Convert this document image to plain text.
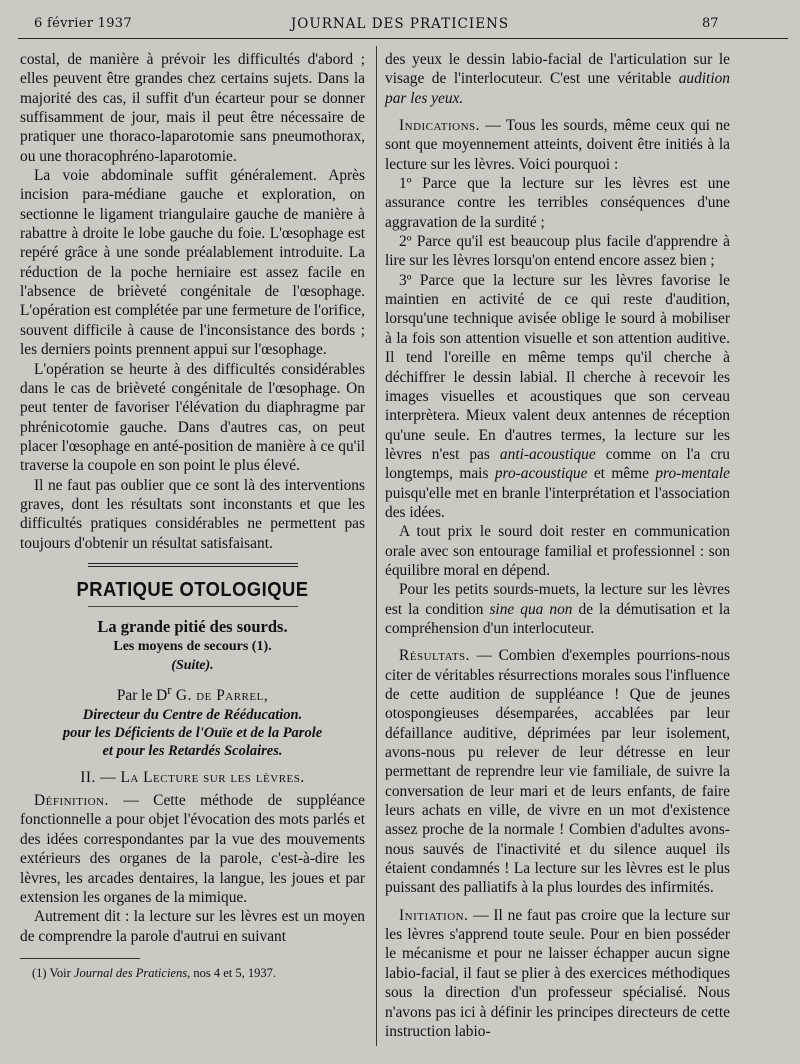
6 février 1937	JOURNAL DES PRATICIENS	87

costal, de manière à prévoir les difficultés d'abord ; elles peuvent être grandes chez certains sujets. Dans la majorité des cas, il suffit d'un écarteur pour se donner suffisamment de jour, mais il peut être nécessaire de pratiquer une thoraco-laparotomie sans pneumothorax, ou une thoracophréno-laparotomie.

La voie abdominale suffit généralement. Après incision para-médiane gauche et exploration, on sectionne le ligament triangulaire gauche de manière à rabattre à droite le lobe gauche du foie. L'œsophage est repéré grâce à une sonde préalablement introduite. La réduction de la poche herniaire est assez facile en l'absence de brièveté congénitale de l'œsophage. L'opération est complétée par une fermeture de l'orifice, souvent difficile à cause de l'inconsistance des bords ; les derniers points prennent appui sur l'œsophage.

L'opération se heurte à des difficultés considérables dans le cas de brièveté congénitale de l'œsophage. On peut tenter de favoriser l'élévation du diaphragme par phrénicotomie gauche. Dans d'autres cas, on peut placer l'œsophage en anté-position de manière à ce qu'il traverse la coupole en son point le plus élevé.

Il ne faut pas oublier que ce sont là des interventions graves, dont les résultats sont inconstants et que les difficultés pratiques considérables ne permettent pas toujours d'obtenir un résultat satisfaisant.

PRATIQUE OTOLOGIQUE
La grande pitié des sourds.
Les moyens de secours (1).
(Suite).
Par le $D^r$ G. de Parrel,
Directeur du Centre de Rééducation.
pour les Déficients de l'Ouïe et de la Parole
et pour les Retardés Scolaires.
II. — La Lecture sur les lèvres.

Définition. — Cette méthode de suppléance fonctionnelle a pour objet l'évocation des mots parlés et des idées correspondantes par la vue des mouvements extérieurs des organes de la parole, c'est-à-dire les lèvres, les arcades dentaires, la langue, les joues et par extension les organes de la mimique.

Autrement dit : la lecture sur les lèvres est un moyen de comprendre la parole d'autrui en suivant

(1) Voir Journal des Praticiens, nos 4 et 5, 1937.

des yeux le dessin labio-facial de l'articulation sur le visage de l'interlocuteur. C'est une véritable audition par les yeux.

Indications. — Tous les sourds, même ceux qui ne sont que moyennement atteints, doivent être initiés à la lecture sur les lèvres. Voici pourquoi :

1º Parce que la lecture sur les lèvres est une assurance contre les terribles conséquences d'une aggravation de la surdité ;

2º Parce qu'il est beaucoup plus facile d'apprendre à lire sur les lèvres lorsqu'on entend encore assez bien ;

3º Parce que la lecture sur les lèvres favorise le maintien en activité de ce qui reste d'audition, lorsqu'une technique avisée oblige le sourd à mobiliser à la fois son attention visuelle et son attention auditive. Il tend l'oreille en même temps qu'il cherche à déchiffrer le dessin labial. Il cherche à recevoir les images visuelles et acoustiques que son cerveau interprètera. Mieux valent deux antennes de réception qu'une seule. En d'autres termes, la lecture sur les lèvres n'est pas anti-acoustique comme on l'a cru longtemps, mais pro-acoustique et même pro-mentale puisqu'elle met en branle l'interprétation et l'association des idées.

A tout prix le sourd doit rester en communication orale avec son entourage familial et professionnel : son équilibre moral en dépend.

Pour les petits sourds-muets, la lecture sur les lèvres est la condition sine qua non de la démutisation et la compréhension d'un interlocuteur.

Résultats. — Combien d'exemples pourrions-nous citer de véritables résurrections morales sous l'influence de cette audition de suppléance ! Que de jeunes otospongieuses désemparées, accablées par leur défaillance auditive, déprimées par leur isolement, avons-nous pu relever de leur détresse en leur permettant de reprendre leur vie familiale, de suivre la conversation de leur mari et de leurs enfants, de faire leurs achats en ville, de vivre en un mot d'existence assez proche de la normale ! Combien d'adultes avons-nous sauvés de l'inactivité et du silence auquel ils étaient condamnés ! La lecture sur les lèvres est le plus puissant des palliatifs à la plus lourdes des infirmités.

Initiation. — Il ne faut pas croire que la lecture sur les lèvres s'apprend toute seule. Pour en bien posséder le mécanisme et pour ne laisser échapper aucun signe labio-facial, il faut se plier à des exercices méthodiques sous la direction d'un professeur spécialisé. Nous n'avons pas ici à définir les principes directeurs de cette instruction labio-
